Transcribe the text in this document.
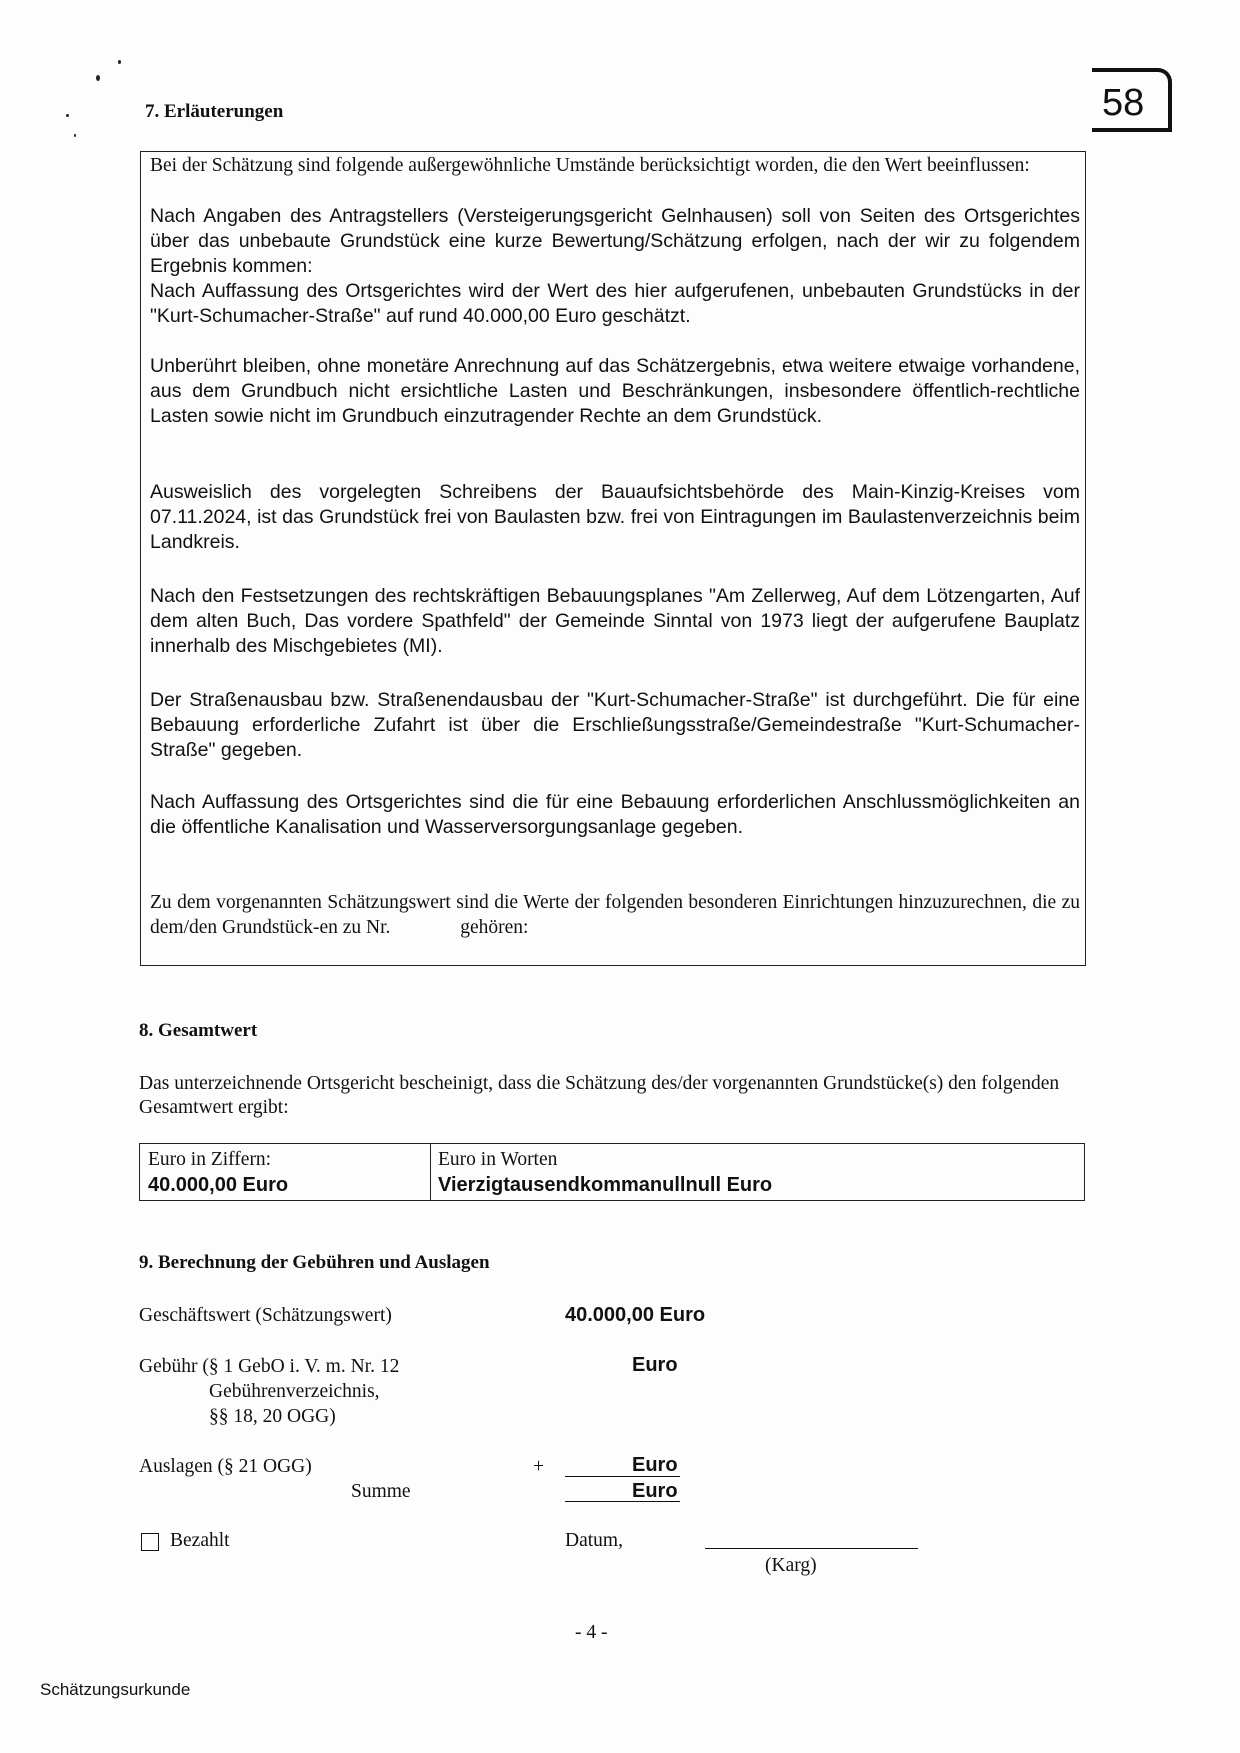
58
7. Erläuterungen
Bei der Schätzung sind folgende außergewöhnliche Umstände berücksichtigt worden, die den Wert beeinflussen:
Nach Angaben des Antragstellers (Versteigerungsgericht Gelnhausen) soll von Seiten des Ortsgerichtes über das unbebaute Grundstück eine kurze Bewertung/Schätzung erfolgen, nach der wir zu folgendem Ergebnis kommen:
Nach Auffassung des Ortsgerichtes wird der Wert des hier aufgerufenen, unbebauten Grundstücks in der "Kurt-Schumacher-Straße" auf rund 40.000,00 Euro geschätzt.
Unberührt bleiben, ohne monetäre Anrechnung auf das Schätzergebnis, etwa weitere etwaige vorhandene, aus dem Grundbuch nicht ersichtliche Lasten und Beschränkungen, insbesondere öffentlich-rechtliche Lasten sowie nicht im Grundbuch einzutragender Rechte an dem Grundstück.
Ausweislich des vorgelegten Schreibens der Bauaufsichtsbehörde des Main-Kinzig-Kreises vom 07.11.2024, ist das Grundstück frei von Baulasten bzw. frei von Eintragungen im Baulastenverzeichnis beim Landkreis.
Nach den Festsetzungen des rechtskräftigen Bebauungsplanes "Am Zellerweg, Auf dem Lötzengarten, Auf dem alten Buch, Das vordere Spathfeld" der Gemeinde Sinntal von 1973 liegt der aufgerufene Bauplatz innerhalb des Mischgebietes (MI).
Der Straßenausbau bzw. Straßenendausbau der "Kurt-Schumacher-Straße" ist durchgeführt. Die für eine Bebauung erforderliche Zufahrt ist über die Erschließungsstraße/Gemeindestraße "Kurt-Schumacher-Straße" gegeben.
Nach Auffassung des Ortsgerichtes sind die für eine Bebauung erforderlichen Anschlussmöglichkeiten an die öffentliche Kanalisation und Wasserversorgungsanlage gegeben.
Zu dem vorgenannten Schätzungswert sind die Werte der folgenden besonderen Einrichtungen hinzuzurechnen, die zu dem/den Grundstück-en zu Nr.	gehören:
8. Gesamtwert
Das unterzeichnende Ortsgericht bescheinigt, dass die Schätzung des/der vorgenannten Grundstücke(s) den folgenden Gesamtwert ergibt:
Euro in Ziffern:
40.000,00 Euro
Euro in Worten
Vierzigtausendkommanullnull Euro
9. Berechnung der Gebühren und Auslagen
Geschäftswert (Schätzungswert)	40.000,00 Euro
Gebühr (§ 1 GebO i. V. m. Nr. 12
Gebührenverzeichnis,
§§ 18, 20 OGG)
Euro
Auslagen (§ 21 OGG)	+	Euro
Summe	Euro
Bezahlt	Datum,
(Karg)
- 4 -
Schätzungsurkunde
